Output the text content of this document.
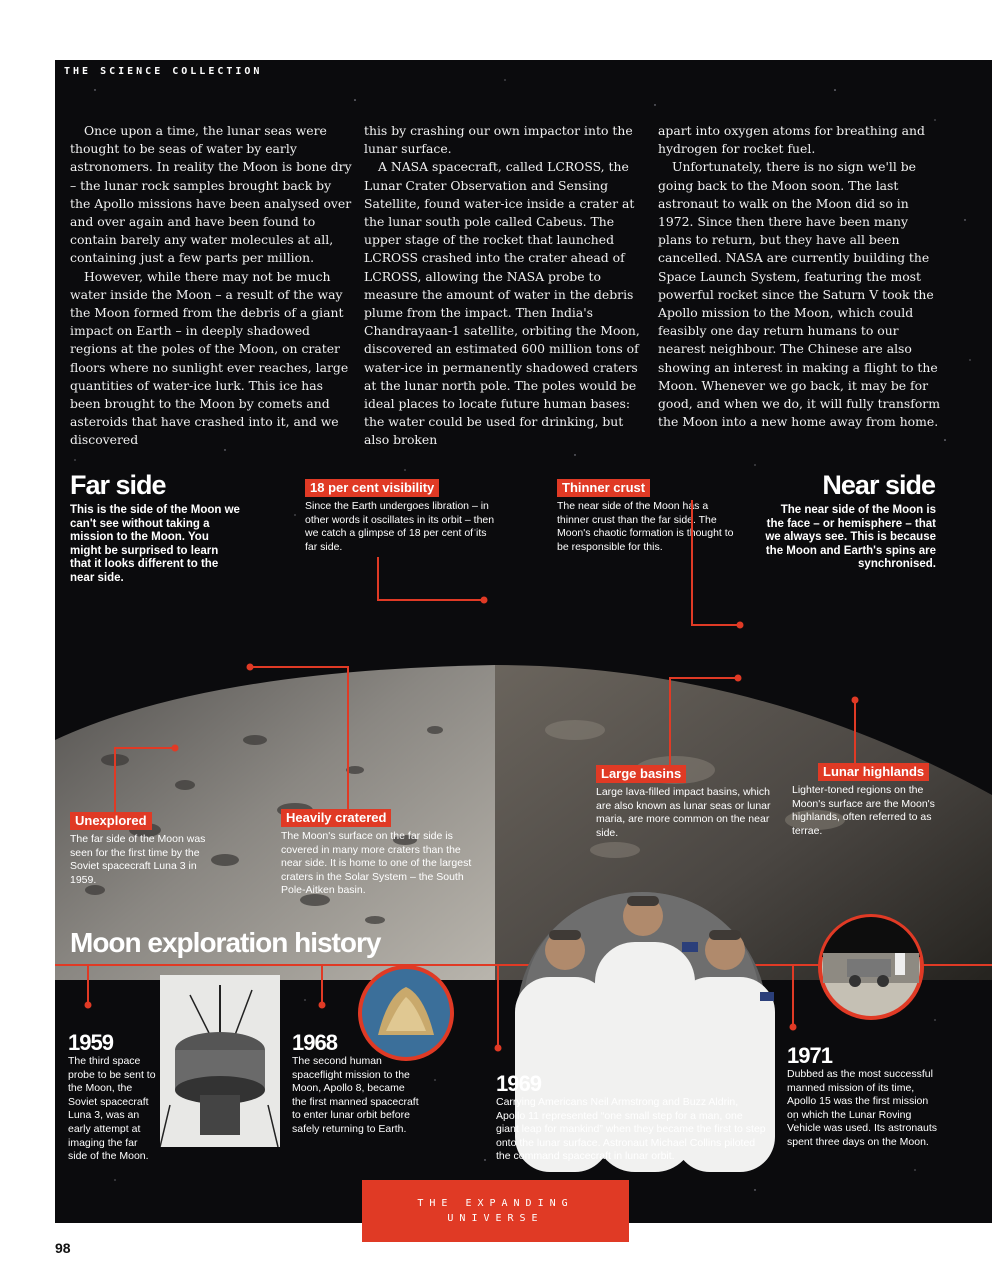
THE SCIENCE COLLECTION

Once upon a time, the lunar seas were thought to be seas of water by early astronomers. In reality the Moon is bone dry – the lunar rock samples brought back by the Apollo missions have been analysed over and over again and have been found to contain barely any water molecules at all, containing just a few parts per million.

However, while there may not be much water inside the Moon – a result of the way the Moon formed from the debris of a giant impact on Earth – in deeply shadowed regions at the poles of the Moon, on crater floors where no sunlight ever reaches, large quantities of water-ice lurk. This ice has been brought to the Moon by comets and asteroids that have crashed into it, and we discovered

this by crashing our own impactor into the lunar surface.

A NASA spacecraft, called LCROSS, the Lunar Crater Observation and Sensing Satellite, found water-ice inside a crater at the lunar south pole called Cabeus. The upper stage of the rocket that launched LCROSS crashed into the crater ahead of LCROSS, allowing the NASA probe to measure the amount of water in the debris plume from the impact. Then India's Chandrayaan-1 satellite, orbiting the Moon, discovered an estimated 600 million tons of water-ice in permanently shadowed craters at the lunar north pole. The poles would be ideal places to locate future human bases: the water could be used for drinking, but also broken

apart into oxygen atoms for breathing and hydrogen for rocket fuel.

Unfortunately, there is no sign we'll be going back to the Moon soon. The last astronaut to walk on the Moon did so in 1972. Since then there have been many plans to return, but they have all been cancelled. NASA are currently building the Space Launch System, featuring the most powerful rocket since the Saturn V took the Apollo mission to the Moon, which could feasibly one day return humans to our nearest neighbour. The Chinese are also showing an interest in making a flight to the Moon. Whenever we go back, it may be for good, and when we do, it will fully transform the Moon into a new home away from home.

Far side
This is the side of the Moon we can't see without taking a mission to the Moon. You might be surprised to learn that it looks different to the near side.
Near side
The near side of the Moon is the face – or hemisphere – that we always see. This is because the Moon and Earth's spins are synchronised.
18 per cent visibility
Since the Earth undergoes libration – in other words it oscillates in its orbit – then we catch a glimpse of 18 per cent of its far side.
Thinner crust
The near side of the Moon has a thinner crust than the far side. The Moon's chaotic formation is thought to be responsible for this.
Unexplored
The far side of the Moon was seen for the first time by the Soviet spacecraft Luna 3 in 1959.
Heavily cratered
The Moon's surface on the far side is covered in many more craters than the near side. It is home to one of the largest craters in the Solar System – the South Pole-Aitken basin.
Large basins
Large lava-filled impact basins, which are also known as lunar seas or lunar maria, are more common on the near side.
Lunar highlands
Lighter-toned regions on the Moon's surface are the Moon's highlands, often referred to as terrae.
Moon exploration history
1959
The third space probe to be sent to the Moon, the Soviet spacecraft Luna 3, was an early attempt at imaging the far side of the Moon.
1968
The second human spaceflight mission to the Moon, Apollo 8, became the first manned spacecraft to enter lunar orbit before safely returning to Earth.
1969
Carrying Americans Neil Armstrong and Buzz Aldrin, Apollo 11 represented “one small step for a man, one giant leap for mankind” when they became the first to step onto the lunar surface. Astronaut Michael Collins piloted the command spacecraft in lunar orbit.
1971
Dubbed as the most successful manned mission of its time, Apollo 15 was the first mission on which the Lunar Roving Vehicle was used. Its astronauts spent three days on the Moon.
THE EXPANDING
UNIVERSE
98
